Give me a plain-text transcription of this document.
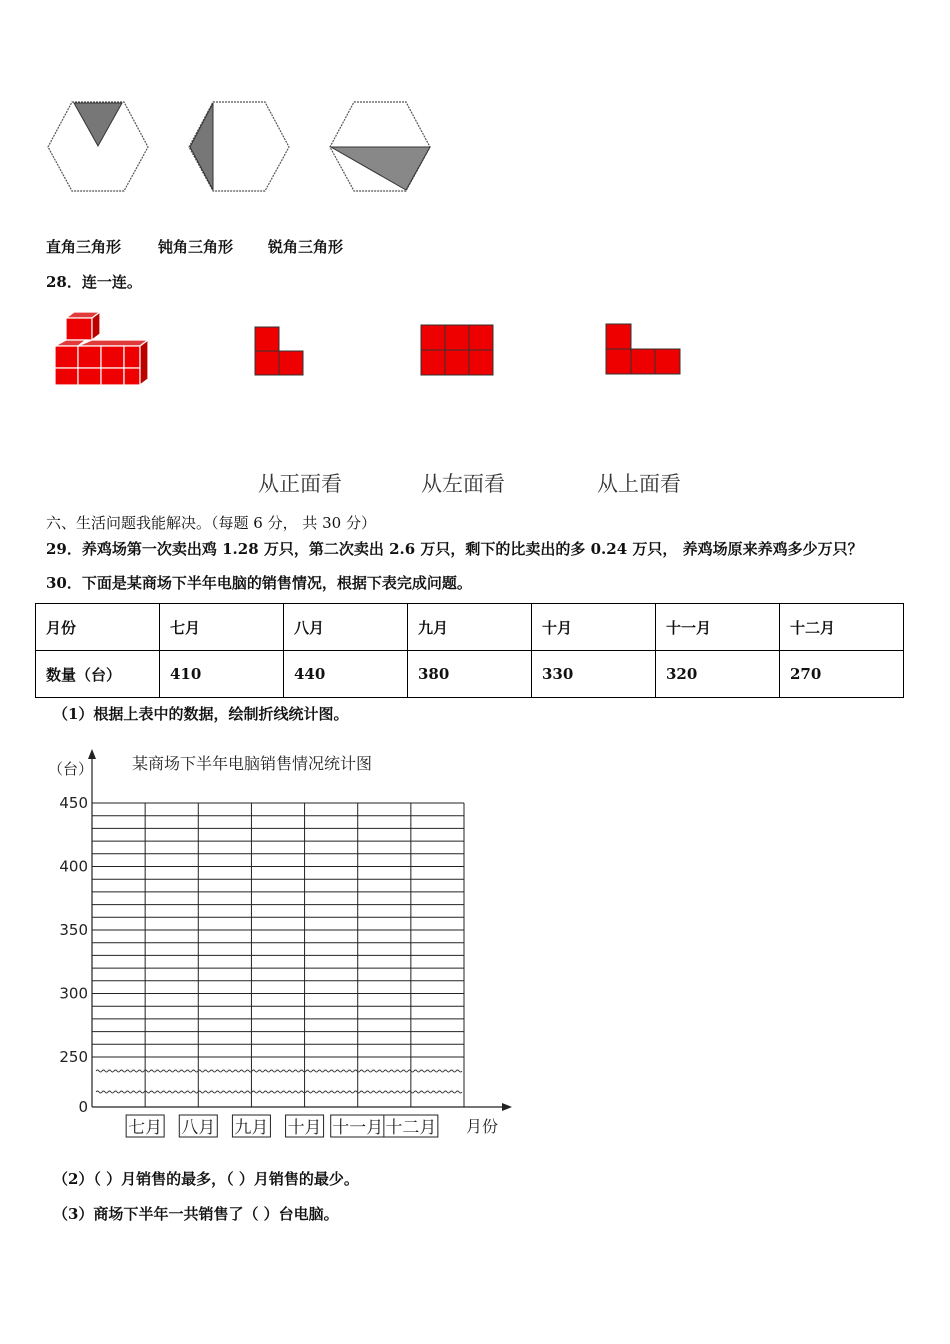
直角三角形 钝角三角形 锐角三角形
28．连一连。
从正面看	从左面看	从上面看
六、生活问题我能解决。（每题 6 分， 共 30 分）
29．养鸡场第一次卖出鸡 1.28 万只，第二次卖出 2.6 万只，剩下的比卖出的多 0.24 万只， 养鸡场原来养鸡多少万只？
30．下面是某商场下半年电脑的销售情况，根据下表完成问题。
月份	七月	八月	九月	十月	十一月	十二月
数量（台）	410	440	380	330	320	270
（1）根据上表中的数据，绘制折线统计图。
（台） 某商场下半年电脑销售情况统计图
450
400
350
300
250
0
七月 八月 九月 十月 十一月 十二月 月份
（2）（ ）月销售的最多，（ ）月销售的最少。
（3）商场下半年一共销售了（ ）台电脑。
